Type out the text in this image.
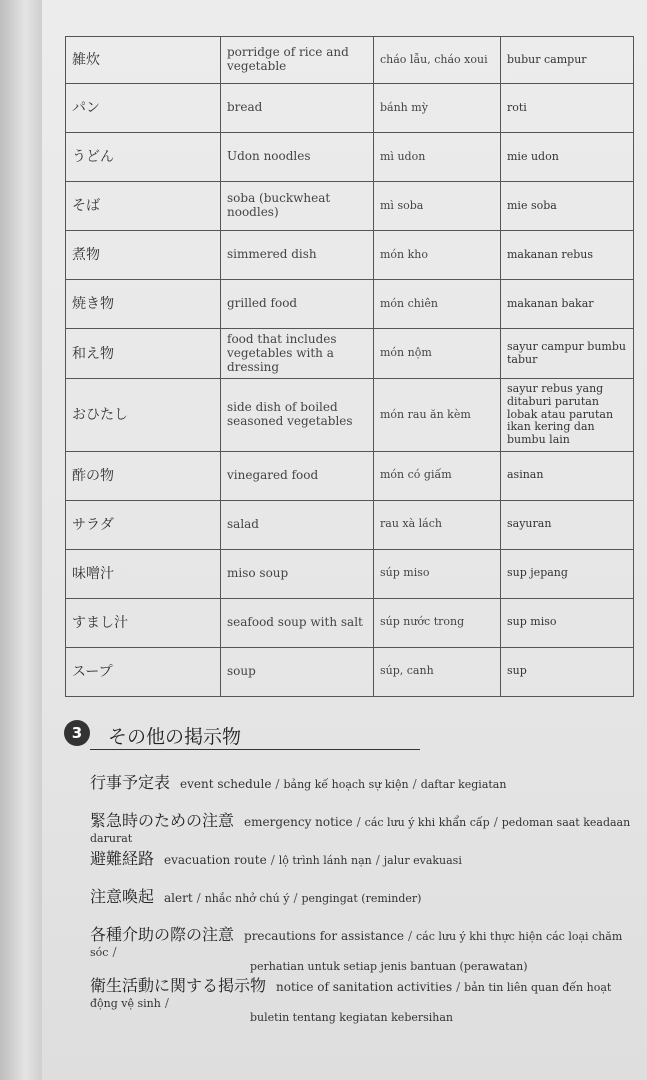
雑炊	porridge of rice and vegetable	cháo lẫu, cháo xoui	bubur campur
パン	bread	bánh mỳ	roti
うどん	Udon noodles	mì udon	mie udon
そば	soba (buckwheat noodles)	mì soba	mie soba
煮物	simmered dish	món kho	makanan rebus
焼き物	grilled food	món chiên	makanan bakar
和え物	food that includes vegetables with a dressing	món nộm	sayur campur bumbu tabur
おひたし	side dish of boiled seasoned vegetables	món rau ăn kèm	sayur rebus yang ditaburi parutan lobak atau parutan ikan kering dan bumbu lain
酢の物	vinegared food	món có giấm	asinan
サラダ	salad	rau xà lách	sayuran
味噌汁	miso soup	súp miso	sup jepang
すまし汁	seafood soup with salt	súp nước trong	sup miso
スープ	soup	súp, canh	sup
3	その他の掲示物
行事予定表 event schedule / bảng kế hoạch sự kiện / daftar kegiatan
緊急時のための注意 emergency notice / các lưu ý khi khẩn cấp / pedoman saat keadaan darurat
避難経路 evacuation route / lộ trình lánh nạn / jalur evakuasi
注意喚起 alert / nhắc nhở chú ý / pengingat (reminder)
各種介助の際の注意 precautions for assistance / các lưu ý khi thực hiện các loại chăm sóc /
perhatian untuk setiap jenis bantuan (perawatan)
衛生活動に関する掲示物 notice of sanitation activities / bản tin liên quan đến hoạt động vệ sinh /
buletin tentang kegiatan kebersihan
